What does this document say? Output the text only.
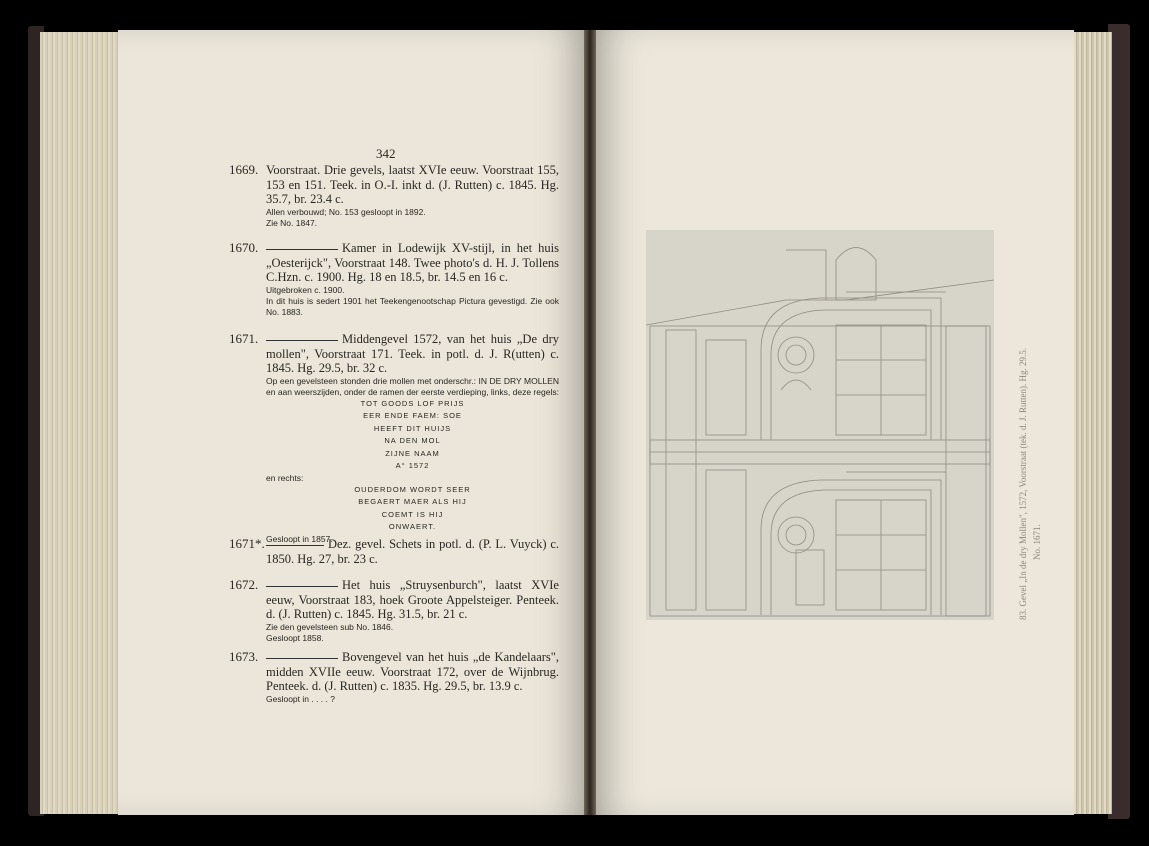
342
1669. Voorstraat. Drie gevels, laatst XVIe eeuw. Voorstraat 155, 153 en 151. Teek. in O.-I. inkt d. (J. Rutten) c. 1845. Hg. 35.7, br. 23.4 c.
Allen verbouwd; No. 153 gesloopt in 1892.
Zie No. 1847.
1670.	Kamer in Lodewijk XV-stijl, in het huis „Oesterijck", Voorstraat 148. Twee photo's d. H. J. Tollens C.Hzn. c. 1900. Hg. 18 en 18.5, br. 14.5 en 16 c.
Uitgebroken c. 1900.
In dit huis is sedert 1901 het Teekengenootschap Pictura gevestigd. Zie ook No. 1883.
1671.	Middengevel 1572, van het huis „De dry mollen", Voorstraat 171. Teek. in potl. d. J. R(utten) c. 1845. Hg. 29.5, br. 32 c.
Op een gevelsteen stonden drie mollen met onderschr.: IN DE DRY MOLLEN en aan weerszijden, onder de ramen der eerste verdieping, links, deze regels:
TOT GOODS LOF PRIJS
EER ENDE FAEM: SOE
HEEFT DIT HUIJS
NA DEN MOL
ZIJNE NAAM
A° 1572
en rechts:
OUDERDOM WORDT SEER
BEGAERT MAER ALS HIJ
COEMT IS HIJ
ONWAERT.
Gesloopt in 1857.
1671*.	Dez. gevel. Schets in potl. d. (P. L. Vuyck) c. 1850. Hg. 27, br. 23 c.
1672.	Het huis „Struysenburch", laatst XVIe eeuw, Voorstraat 183, hoek Groote Appelsteiger. Penteek. d. (J. Rutten) c. 1845. Hg. 31.5, br. 21 c.
Zie den gevelsteen sub No. 1846.
Gesloopt 1858.
1673.	Bovengevel van het huis „de Kandelaars", midden XVIIe eeuw. Voorstraat 172, over de Wijnbrug. Penteek. d. (J. Rutten) c. 1835. Hg. 29.5, br. 13.9 c.
Gesloopt in . . . . ?
83. Gevel „In de dry Mollen", 1572, Voorstraat (tek. d. J. Rutten). Hg. 29.5. No. 1671.
